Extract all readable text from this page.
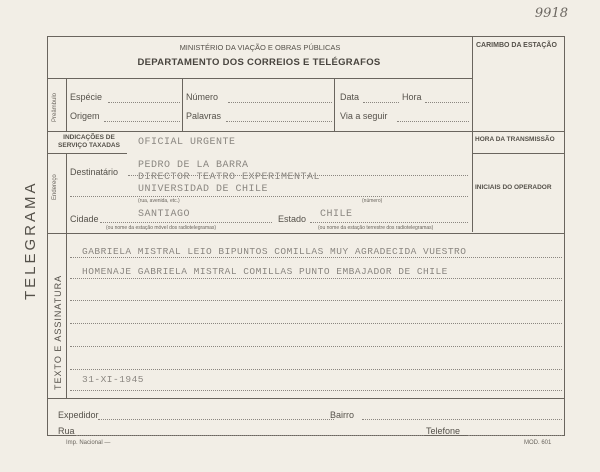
9918
TELEGRAMA
MINISTÉRIO DA VIAÇÃO E OBRAS PÚBLICAS
DEPARTAMENTO DOS CORREIOS E TELÉGRAFOS
CARIMBO DA ESTAÇÃO
Preâmbulo Espécie	Número	Data	Hora
Origem	Palavras	Via a seguir
INDICAÇÕES DE
SERVIÇO TAXADAS	OFICIAL URGENTE	HORA DA TRANSMISSÃO
INICIAIS DO OPERADOR
Endereço
Destinatário
PEDRO DE LA BARRA
DIRECTOR TEATRO EXPERIMENTAL
UNIVERSIDAD DE CHILE
(rua, avenida, etc.)	(número)
Cidade	SANTIAGO	Estado CHILE
(ou nome da estação móvel dos radiotelegramas)	(ou nome da estação terrestre dos radiotelegramas)
TEXTO E ASSINATURA
GABRIELA MISTRAL LEIO BIPUNTOS COMILLAS MUY AGRADECIDA VUESTRO
HOMENAJE GABRIELA MISTRAL COMILLAS PUNTO EMBAJADOR DE CHILE
31-XI-1945
Expedidor	Bairro
Rua	Telefone
Imp. Nacional —	MOD. 601
